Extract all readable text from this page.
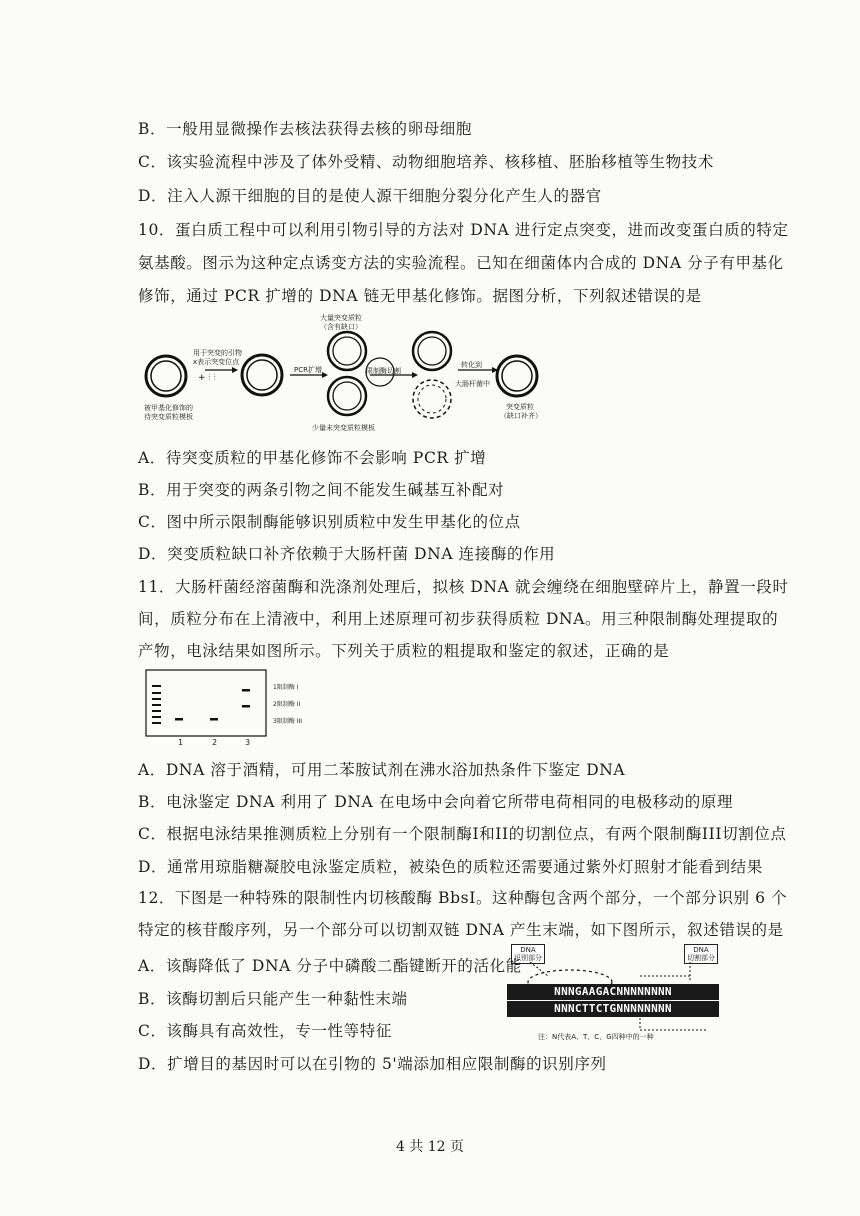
B．一般用显微操作去核法获得去核的卵母细胞
C．该实验流程中涉及了体外受精、动物细胞培养、核移植、胚胎移植等生物技术
D．注入人源干细胞的目的是使人源干细胞分裂分化产生人的器官
10．蛋白质工程中可以利用引物引导的方法对 DNA 进行定点突变，进而改变蛋白质的特定
氨基酸。图示为这种定点诱变方法的实验流程。已知在细菌体内合成的 DNA 分子有甲基化
修饰，通过 PCR 扩增的 DNA 链无甲基化修饰。据图分析，下列叙述错误的是
+ ⫶ ⫶
用于突变的引物
x表示突变位点
PCR扩增
大量突变质粒
（含有缺口）
限制酶切割
转化到
大肠杆菌中
被甲基化修饰的
待突变质粒模板
少量未突变质粒模板
突变质粒
（缺口补齐）
A．待突变质粒的甲基化修饰不会影响 PCR 扩增
B．用于突变的两条引物之间不能发生碱基互补配对
C．图中所示限制酶能够识别质粒中发生甲基化的位点
D．突变质粒缺口补齐依赖于大肠杆菌 DNA 连接酶的作用
11．大肠杆菌经溶菌酶和洗涤剂处理后，拟核 DNA 就会缠绕在细胞壁碎片上，静置一段时
间，质粒分布在上清液中，利用上述原理可初步获得质粒 DNA。用三种限制酶处理提取的
产物，电泳结果如图所示。下列关于质粒的粗提取和鉴定的叙述，正确的是
1限制酶 I
2限制酶 II
3限制酶 III
1	2	3
A．DNA 溶于酒精，可用二苯胺试剂在沸水浴加热条件下鉴定 DNA
B．电泳鉴定 DNA 利用了 DNA 在电场中会向着它所带电荷相同的电极移动的原理
C．根据电泳结果推测质粒上分别有一个限制酶I和II的切割位点，有两个限制酶III切割位点
D．通常用琼脂糖凝胶电泳鉴定质粒，被染色的质粒还需要通过紫外灯照射才能看到结果
12．下图是一种特殊的限制性内切核酸酶 BbsI。这种酶包含两个部分，一个部分识别 6 个
特定的核苷酸序列，另一个部分可以切割双链 DNA 产生末端，如下图所示，叙述错误的是
DNA
识别部分
DNA
切割部分
NNNGAAGACNNNNNNNN
NNNCTTCTGNNNNNNNN
注：N代表A、T、C、G四种中的一种
A．该酶降低了 DNA 分子中磷酸二酯键断开的活化能
B．该酶切割后只能产生一种黏性末端
C．该酶具有高效性，专一性等特征
D．扩增目的基因时可以在引物的 5'端添加相应限制酶的识别序列
4 共 12 页
